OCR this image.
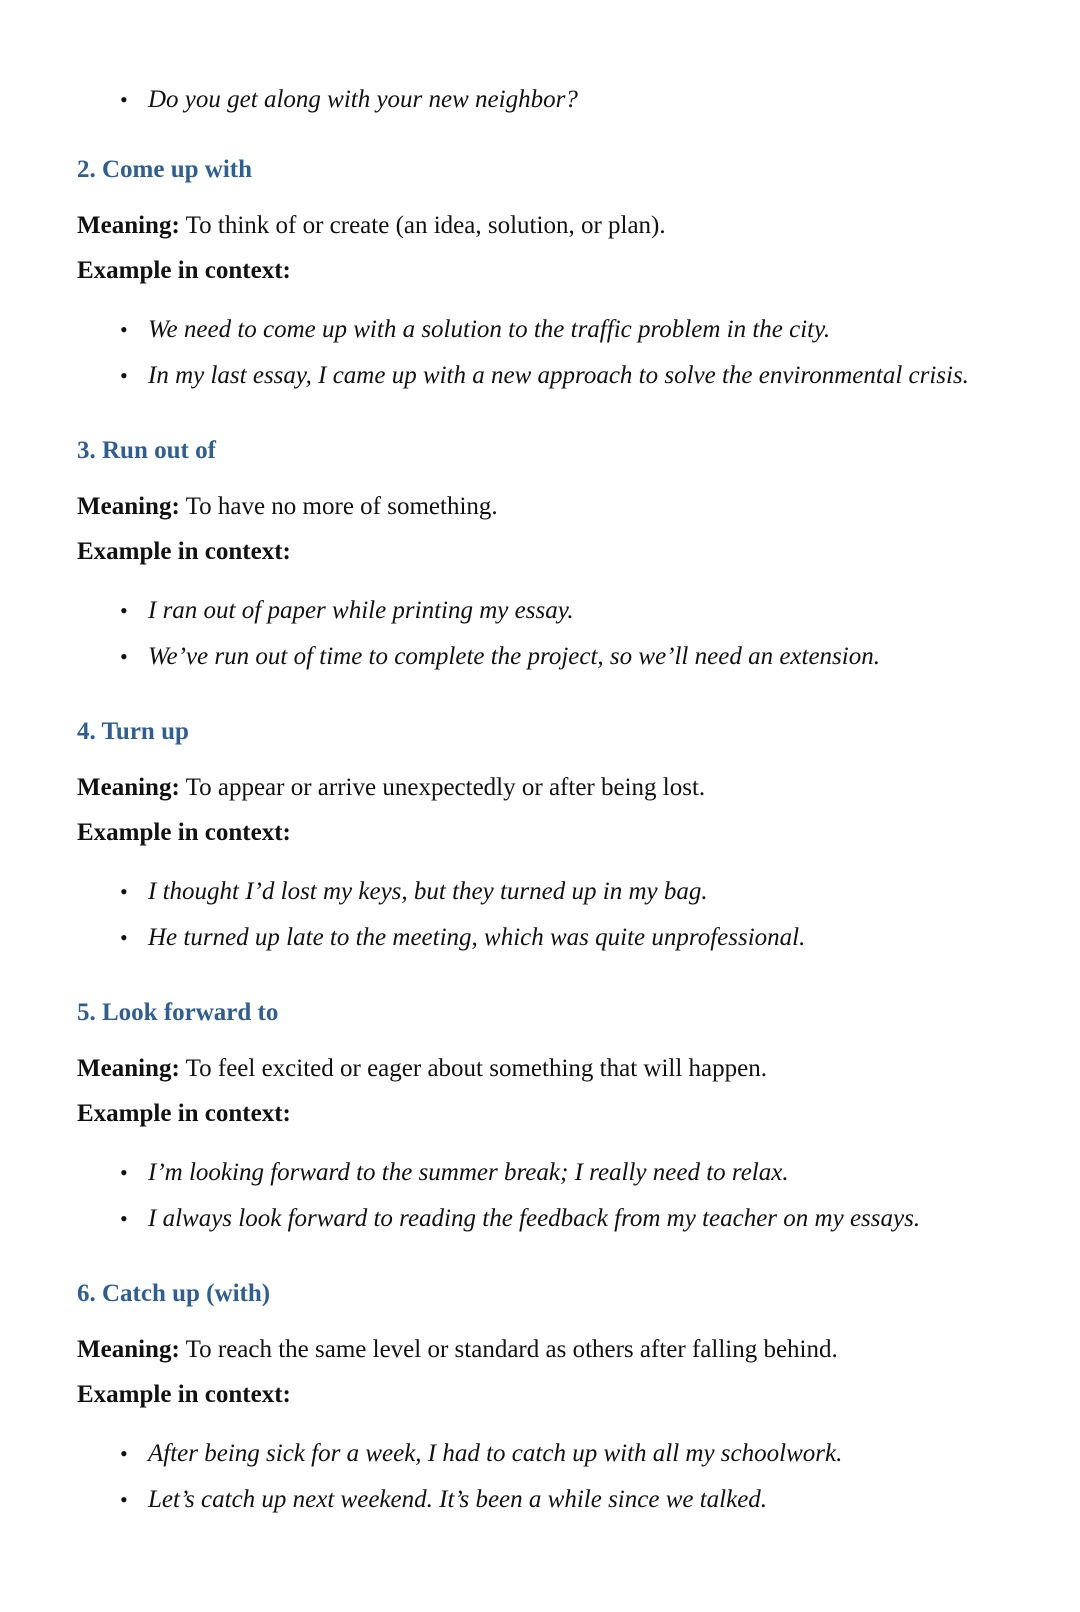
• Do you get along with your new neighbor?
2. Come up with

Meaning: To think of or create (an idea, solution, or plan).

Example in context:

• We need to come up with a solution to the traffic problem in the city.
• In my last essay, I came up with a new approach to solve the environmental crisis.
3. Run out of

Meaning: To have no more of something.

Example in context:

• I ran out of paper while printing my essay.
• We’ve run out of time to complete the project, so we’ll need an extension.
4. Turn up

Meaning: To appear or arrive unexpectedly or after being lost.

Example in context:

• I thought I’d lost my keys, but they turned up in my bag.
• He turned up late to the meeting, which was quite unprofessional.
5. Look forward to

Meaning: To feel excited or eager about something that will happen.

Example in context:

• I’m looking forward to the summer break; I really need to relax.
• I always look forward to reading the feedback from my teacher on my essays.
6. Catch up (with)

Meaning: To reach the same level or standard as others after falling behind.

Example in context:

• After being sick for a week, I had to catch up with all my schoolwork.
• Let’s catch up next weekend. It’s been a while since we talked.
